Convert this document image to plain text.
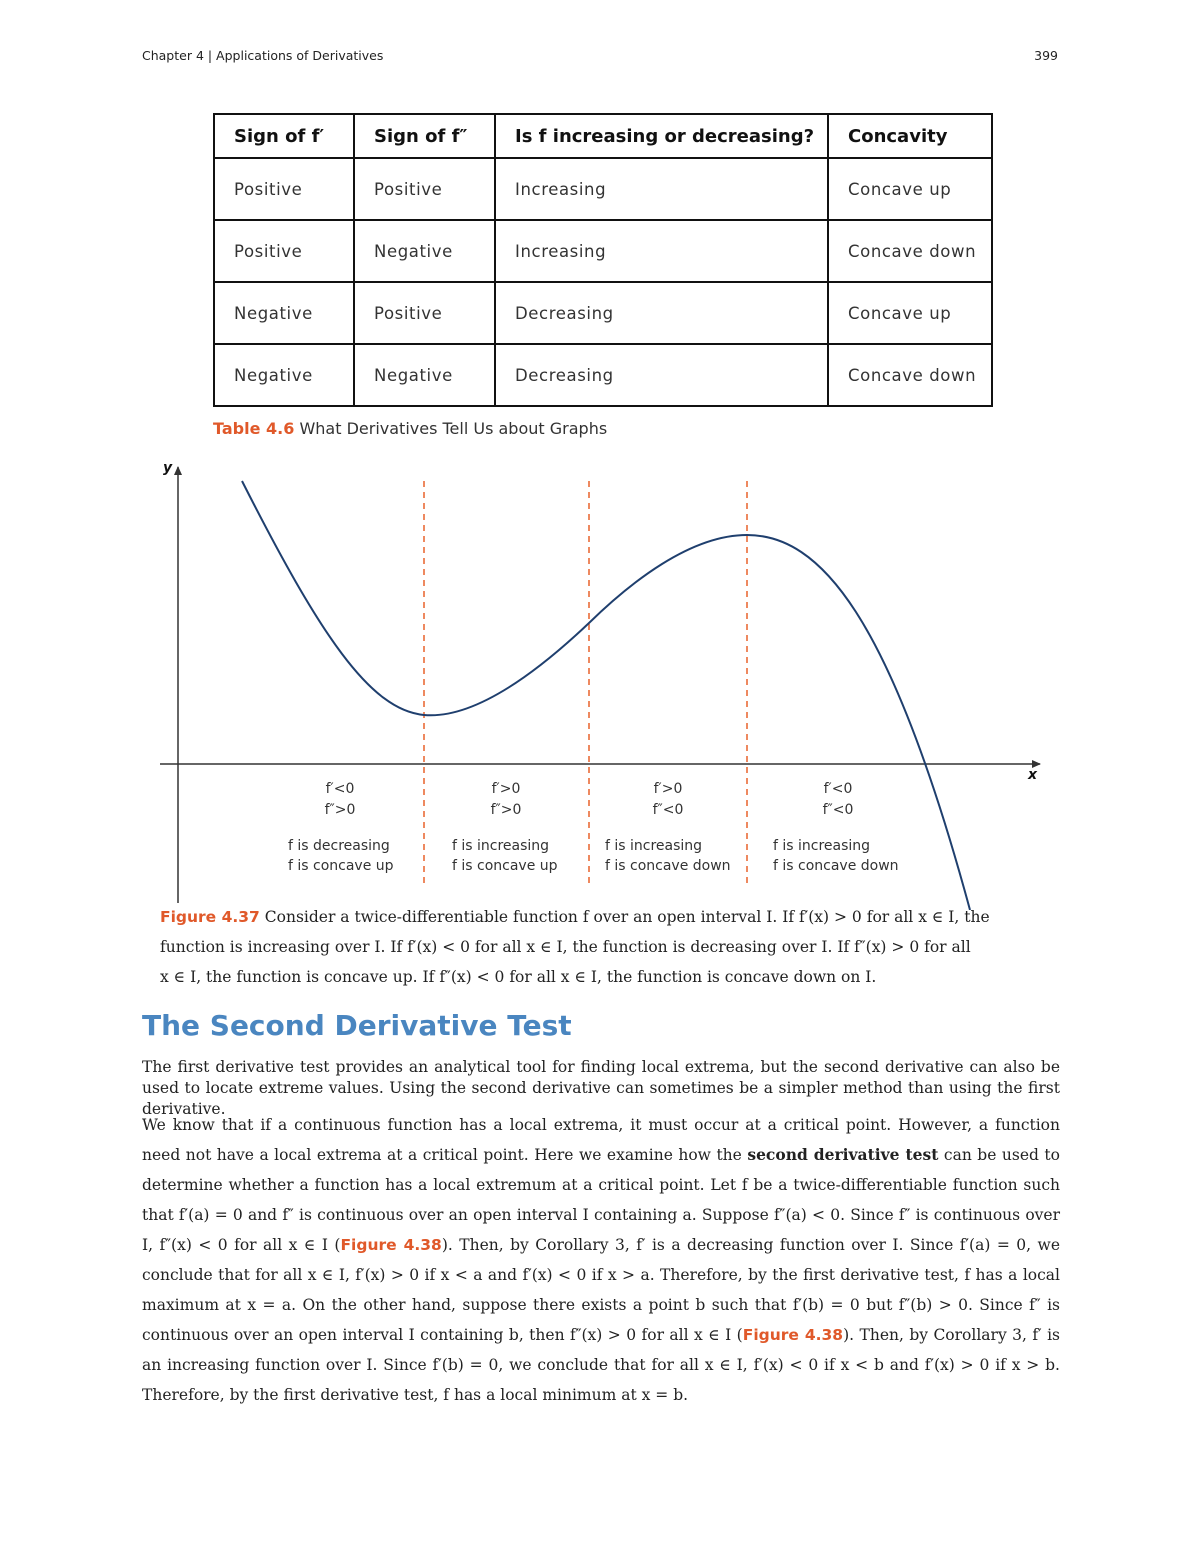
Chapter 4 | Applications of Derivatives	399
Sign of f′	Sign of f″	Is f increasing or decreasing?	Concavity
Positive	Positive	Increasing	Concave up
Positive	Negative	Increasing	Concave down
Negative	Positive	Decreasing	Concave up
Negative	Negative	Decreasing	Concave down
Table 4.6 What Derivatives Tell Us about Graphs
y
x
f′<0
f″>0
f is decreasing
f is concave up
f′>0
f″>0
f is increasing
f is concave up
f′>0
f″<0
f is increasing
f is concave down
f′<0
f″<0
f is increasing
f is concave down
Figure 4.37 Consider a twice-differentiable function f over an open interval I. If f′(x) > 0 for all x ∈ I, the
function is increasing over I. If f′(x) < 0 for all x ∈ I, the function is decreasing over I. If f″(x) > 0 for all
x ∈ I, the function is concave up. If f″(x) < 0 for all x ∈ I, the function is concave down on I.
The Second Derivative Test

The first derivative test provides an analytical tool for finding local extrema, but the second derivative can also be used to locate extreme values. Using the second derivative can sometimes be a simpler method than using the first derivative.

We know that if a continuous function has a local extrema, it must occur at a critical point. However, a function need not have a local extrema at a critical point. Here we examine how the second derivative test can be used to determine whether a function has a local extremum at a critical point. Let f be a twice-differentiable function such that f′(a) = 0 and f″ is continuous over an open interval I containing a. Suppose f″(a) < 0. Since f″ is continuous over I, f″(x) < 0 for all x ∈ I (Figure 4.38). Then, by Corollary 3, f′ is a decreasing function over I. Since f′(a) = 0, we conclude that for all x ∈ I, f′(x) > 0 if x < a and f′(x) < 0 if x > a. Therefore, by the first derivative test, f has a local maximum at x = a. On the other hand, suppose there exists a point b such that f′(b) = 0 but f″(b) > 0. Since f″ is continuous over an open interval I containing b, then f″(x) > 0 for all x ∈ I (Figure 4.38). Then, by Corollary 3, f′ is an increasing function over I. Since f′(b) = 0, we conclude that for all x ∈ I, f′(x) < 0 if x < b and f′(x) > 0 if x > b. Therefore, by the first derivative test, f has a local minimum at x = b.
